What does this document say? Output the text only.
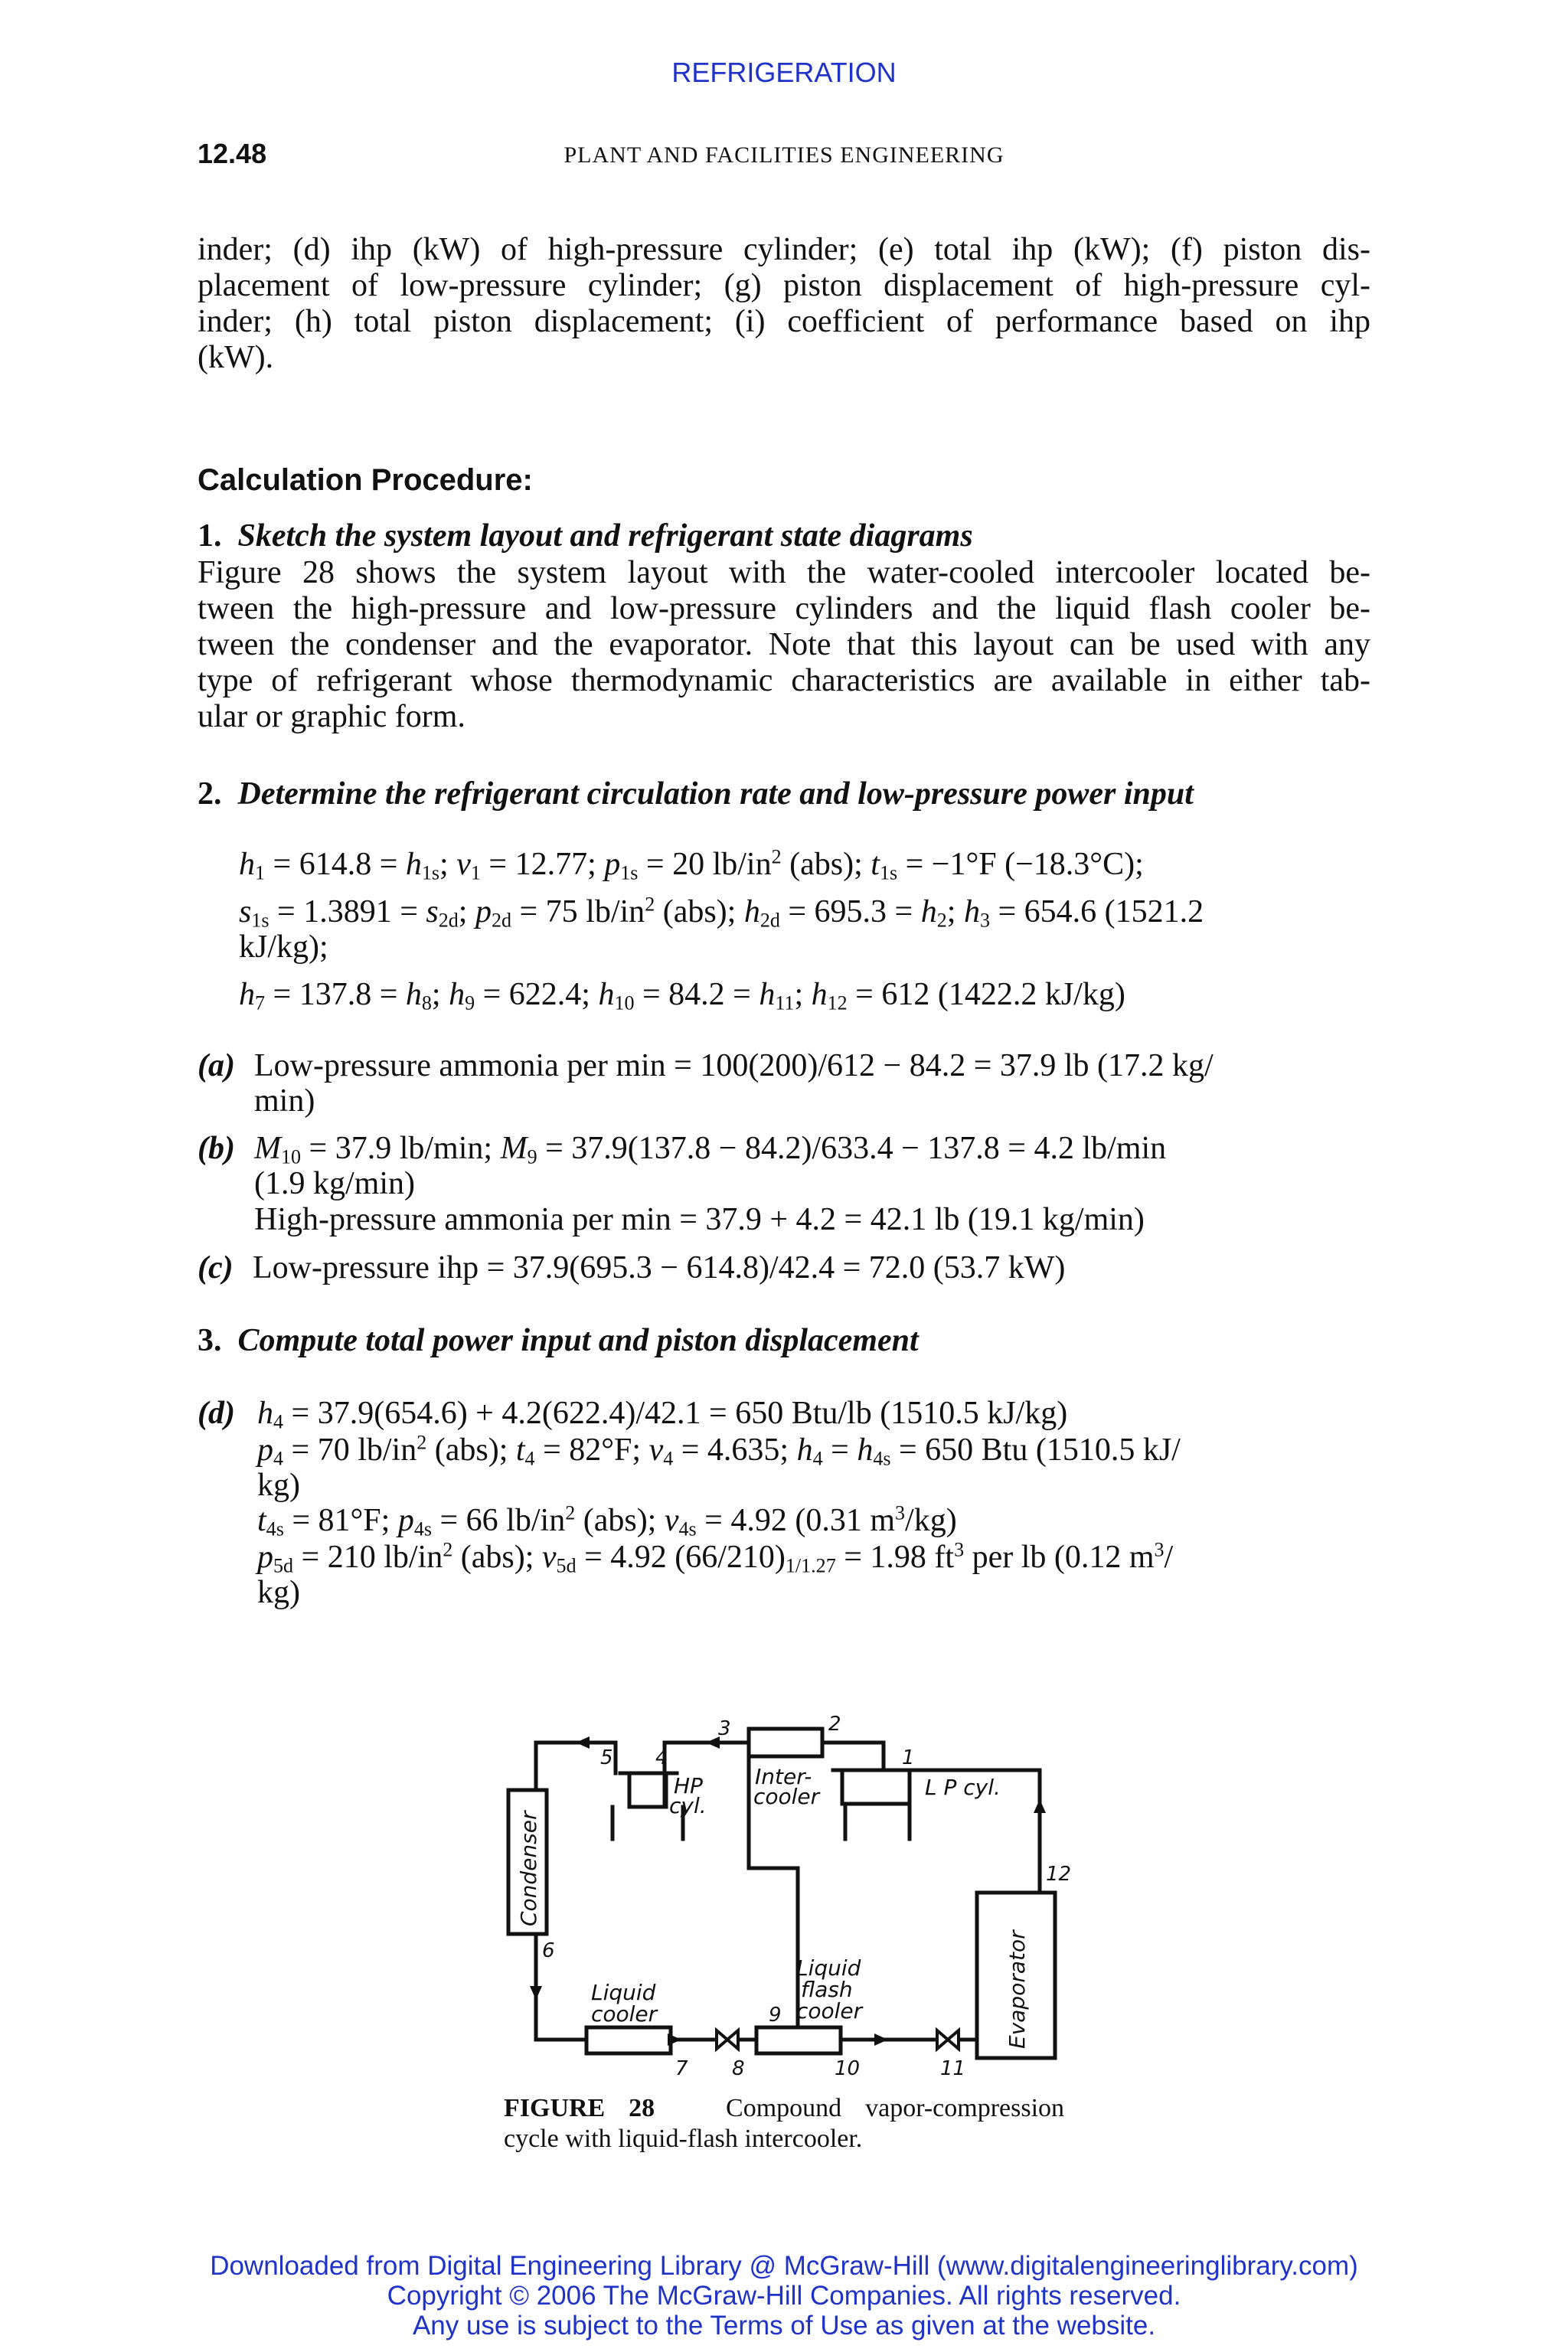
REFRIGERATION
12.48	PLANT AND FACILITIES ENGINEERING
inder; (d) ihp (kW) of high-pressure cylinder; (e) total ihp (kW); (f) piston dis-
placement of low-pressure cylinder; (g) piston displacement of high-pressure cyl-
inder; (h) total piston displacement; (i) coefficient of performance based on ihp
(kW).
Calculation Procedure:
1. Sketch the system layout and refrigerant state diagrams
Figure 28 shows the system layout with the water-cooled intercooler located be-
tween the high-pressure and low-pressure cylinders and the liquid flash cooler be-
tween the condenser and the evaporator. Note that this layout can be used with any
type of refrigerant whose thermodynamic characteristics are available in either tab-
ular or graphic form.
2. Determine the refrigerant circulation rate and low-pressure power input
$h_1 = 614.8 = h_{1s}$; $v_1 = 12.77$; $p_{1s} = 20$ $lb/in^2$ (abs); $t_{1s} = -1^\circ F$ (−18.3°C);
$s_{1s} = 1.3891 = s_{2d}$; $p_{2d} = 75$ $lb/in^2$ (abs); $h_{2d} = 695.3 = h_2$; $h_3 = 654.6$ (1521.2
kJ/kg);
$h_7 = 137.8 = h_8$; $h_9 = 622.4$; $h_{10} = 84.2 = h_{11}$; $h_{12} = 612$ (1422.2 kJ/kg)
(a) Low-pressure ammonia per min = 100(200)/612 − 84.2 = 37.9 lb (17.2 kg/
min)
(b) $M_{10} = 37.9$ lb/min; $M_9 = 37.9(137.8 - 84.2)/633.4 - 137.8 = 4.2$ lb/min
(1.9 kg/min)
High-pressure ammonia per min = 37.9 + 4.2 = 42.1 lb (19.1 kg/min)
(c) Low-pressure ihp = 37.9(695.3 − 614.8)/42.4 = 72.0 (53.7 kW)
3. Compute total power input and piston displacement
(d) $h_4 = 37.9(654.6) + 4.2(622.4)/42.1 = 650$ Btu/lb (1510.5 kJ/kg)
$p_4 = 70$ $lb/in^2$ (abs); $t_4 = 82^\circ F$; $v_4 = 4.635$; $h_4 = h_{4s} = 650$ Btu (1510.5 kJ/
kg)
$t_{4s} = 81^\circ F$; $p_{4s} = 66$ $lb/in^2$ (abs); $v_{4s} = 4.92$ (0.31 $m^3/kg$)
$p_{5d} = 210$ $lb/in^2$ (abs); $v_{5d} = 4.92$ $(66/210)_{1/1.27} = 1.98$ $ft^3$ per lb (0.12 $m^3/$
kg)
Condenser
Evaporator
HP
cyl.
Inter-
cooler	L P cyl.
Liquid
cooler
Liquid
flash
cooler
1
2
3
4
5
6
7 8
9
10	11
12
FIGURE 28	Compound vapor-compression
cycle with liquid-flash intercooler.
Downloaded from Digital Engineering Library @ McGraw-Hill (www.digitalengineeringlibrary.com)
Copyright © 2006 The McGraw-Hill Companies. All rights reserved.
Any use is subject to the Terms of Use as given at the website.
